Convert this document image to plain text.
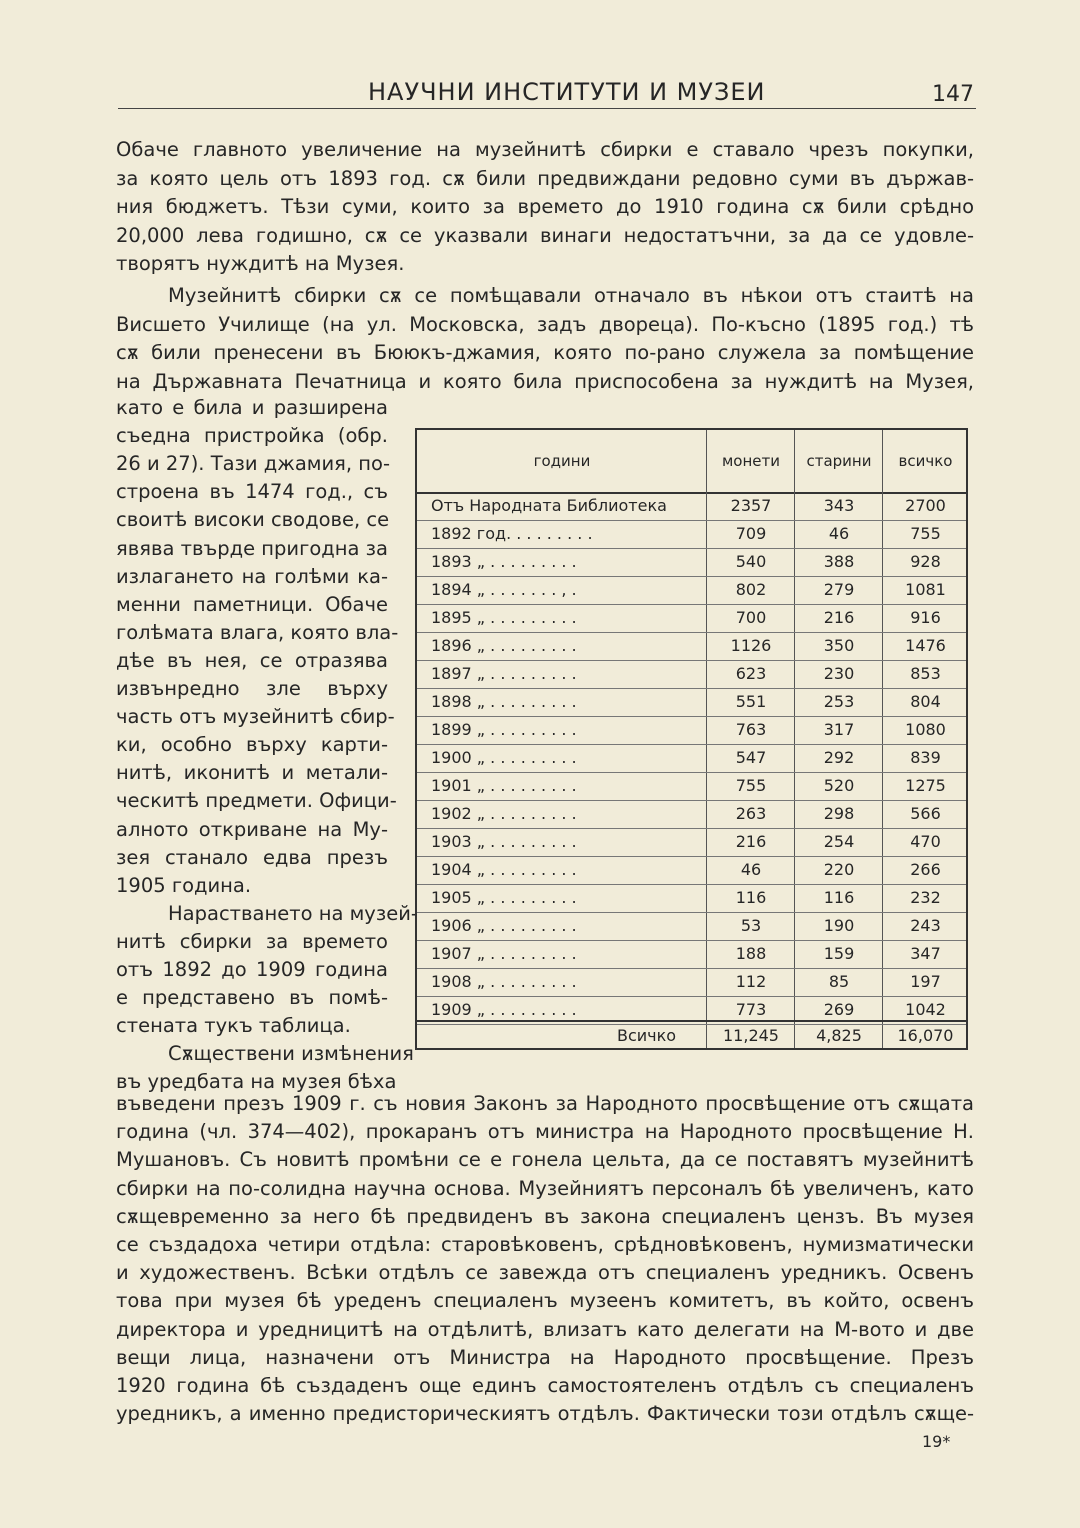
НАУЧНИ ИНСТИТУТИ И МУЗЕИ	147
Обаче главното увеличение на музейнитѣ сбирки е ставало чрезъ покупки,
за която цель отъ 1893 год. сѫ били предвиждани редовно суми въ държав-
ния бюджетъ. Тѣзи суми, които за времето до 1910 година сѫ били срѣдно
20,000 лева годишно, сѫ се указвали винаги недостатъчни, за да се удовле-
творятъ нуждитѣ на Музея.
Музейнитѣ сбирки сѫ се помѣщавали отначало въ нѣкои отъ стаитѣ на
Висшето Училище (на ул. Московска, задъ двореца). По-късно (1895 год.) тѣ
сѫ били пренесени въ Бююкъ-джамия, която по-рано служела за помѣщение
на Държавната Печатница и която била приспособена за нуждитѣ на Музея,
като е била и разширена
съедна пристройка (обр.
26 и 27). Тази джамия, по-
строена въ 1474 год., съ
своитѣ високи сводове, се
явява твърде пригодна за
излагането на голѣми ка-
менни паметници. Обаче
голѣмата влага, която вла-
дѣе въ нея, се отразява
извънредно зле върху
часть отъ музейнитѣ сбир-
ки, особно върху карти-
нитѣ, иконитѣ и метали-
ческитѣ предмети. Офици-
алното откриване на Му-
зея станало едва презъ
1905 година.
Нарастването на музей-
нитѣ сбирки за времето
отъ 1892 до 1909 година
е представено въ помѣ-
стената тукъ таблица.
Сѫществени измѣнения
въ уредбата на музея бѣха
въведени презъ 1909 г. съ новия Законъ за Народното просвѣщение отъ сѫщата
година (чл. 374—402), прокаранъ отъ министра на Народното просвѣщение Н.
Мушановъ. Съ новитѣ промѣни се е гонела цельта, да се поставятъ музейнитѣ
сбирки на по-солидна научна основа. Музейниятъ персоналъ бѣ увеличенъ, като
сѫщевременно за него бѣ предвиденъ въ закона специаленъ цензъ. Въ музея
се създадоха четири отдѣла: старовѣковенъ, срѣдновѣковенъ, нумизматически
и художественъ. Всѣки отдѣлъ се завежда отъ специаленъ уредникъ. Освенъ
това при музея бѣ уреденъ специаленъ музеенъ комитетъ, въ който, освенъ
директора и уредницитѣ на отдѣлитѣ, влизатъ като делегати на М-вото и две
вещи лица, назначени отъ Министра на Народното просвѣщение. Презъ
1920 година бѣ създаденъ още единъ самостоятеленъ отдѣлъ съ специаленъ
уредникъ, а именно предисторическиятъ отдѣлъ. Фактически този отдѣлъ сѫще-
години	монети	старини	всичко
Отъ Народната Библиотека	2357	343	2700
1892 год. . . . . . . . .	709	46	755
1893 „ . . . . . . . . .	540	388	928
1894 „ . . . . . . . , .	802	279	1081
1895 „ . . . . . . . . .	700	216	916
1896 „ . . . . . . . . .	1126	350	1476
1897 „ . . . . . . . . .	623	230	853
1898 „ . . . . . . . . .	551	253	804
1899 „ . . . . . . . . .	763	317	1080
1900 „ . . . . . . . . .	547	292	839
1901 „ . . . . . . . . .	755	520	1275
1902 „ . . . . . . . . .	263	298	566
1903 „ . . . . . . . . .	216	254	470
1904 „ . . . . . . . . .	46	220	266
1905 „ . . . . . . . . .	116	116	232
1906 „ . . . . . . . . .	53	190	243
1907 „ . . . . . . . . .	188	159	347
1908 „ . . . . . . . . .	112	85	197
1909 „ . . . . . . . . .	773	269	1042
Всичко	11,245	4,825	16,070
19*
